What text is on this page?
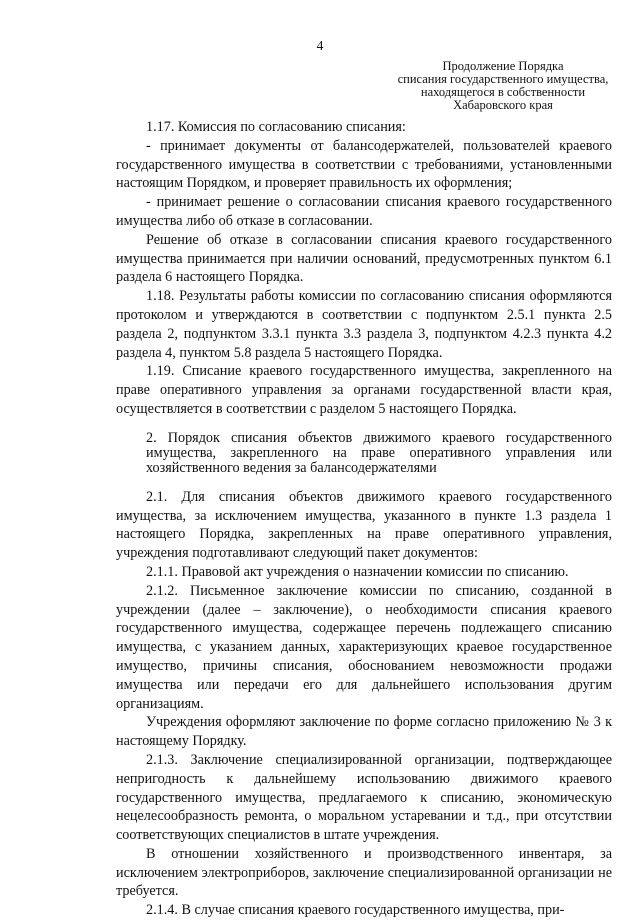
4
Продолжение Порядка
списания государственного имущества,
находящегося в собственности
Хабаровского края

1.17. Комиссия по согласованию списания:

- принимает документы от балансодержателей, пользователей краевого государственного имущества в соответствии с требованиями, установленными настоящим Порядком, и проверяет правильность их оформления;

- принимает решение о согласовании списания краевого государственного имущества либо об отказе в согласовании.

Решение об отказе в согласовании списания краевого государственного имущества принимается при наличии оснований, предусмотренных пунктом 6.1 раздела 6 настоящего Порядка.

1.18. Результаты работы комиссии по согласованию списания оформляются протоколом и утверждаются в соответствии с подпунктом 2.5.1 пункта 2.5 раздела 2, подпунктом 3.3.1 пункта 3.3 раздела 3, подпунктом 4.2.3 пункта 4.2 раздела 4, пунктом 5.8 раздела 5 настоящего Порядка.

1.19. Списание краевого государственного имущества, закрепленного на праве оперативного управления за органами государственной власти края, осуществляется в соответствии с разделом 5 настоящего Порядка.

2. Порядок списания объектов движимого краевого государственного имущества, закрепленного на праве оперативного управления или хозяйственного ведения за балансодержателями

2.1. Для списания объектов движимого краевого государственного имущества, за исключением имущества, указанного в пункте 1.3 раздела 1 настоящего Порядка, закрепленных на праве оперативного управления, учреждения подготавливают следующий пакет документов:

2.1.1. Правовой акт учреждения о назначении комиссии по списанию.

2.1.2. Письменное заключение комиссии по списанию, созданной в учреждении (далее – заключение), о необходимости списания краевого государственного имущества, содержащее перечень подлежащего списанию имущества, с указанием данных, характеризующих краевое государственное имущество, причины списания, обоснованием невозможности продажи имущества или передачи его для дальнейшего использования другим организациям.

Учреждения оформляют заключение по форме согласно приложению № 3 к настоящему Порядку.

2.1.3. Заключение специализированной организации, подтверждающее непригодность к дальнейшему использованию движимого краевого государственного имущества, предлагаемого к списанию, экономическую нецелесообразность ремонта, о моральном устаревании и т.д., при отсутствии соответствующих специалистов в штате учреждения.

В отношении хозяйственного и производственного инвентаря, за исключением электроприборов, заключение специализированной организации не требуется.

2.1.4. В случае списания краевого государственного имущества, при-
